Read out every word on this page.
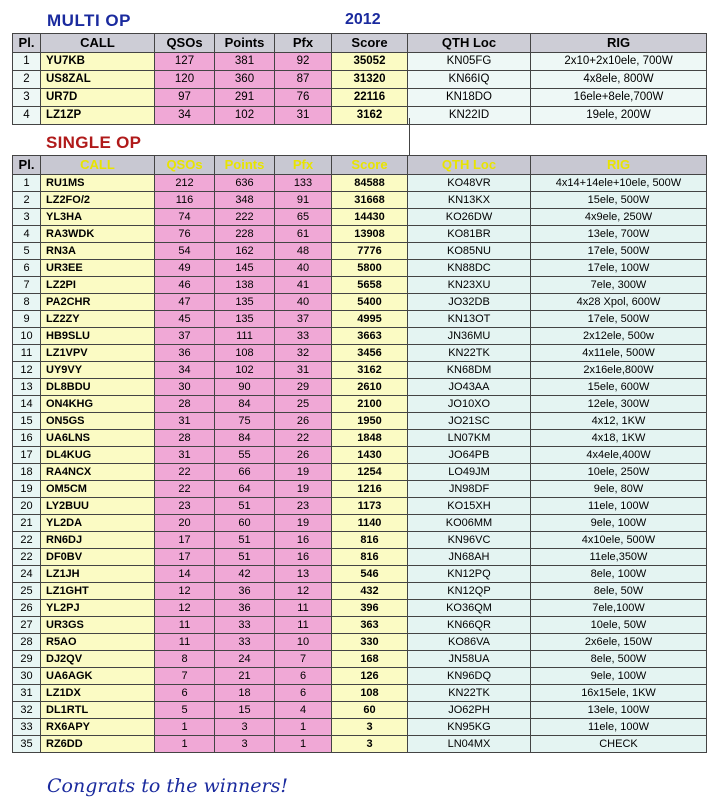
MULTI OP	2012
Pl.	CALL	QSOs	Points	Pfx	Score	QTH Loc	RIG
1	YU7KB	127	381	92	35052	KN05FG	2x10+2x10ele, 700W
2	US8ZAL	120	360	87	31320	KN66IQ	4x8ele, 800W
3	UR7D	97	291	76	22116	KN18DO	16ele+8ele,700W
4	LZ1ZP	34	102	31	3162	KN22ID	19ele, 200W
SINGLE OP
Pl.	CALL	QSOs	Points	Pfx	Score	QTH Loc	RIG
1	RU1MS	212	636	133	84588	KO48VR	4x14+14ele+10ele, 500W
2	LZ2FO/2	116	348	91	31668	KN13KX	15ele, 500W
3	YL3HA	74	222	65	14430	KO26DW	4x9ele, 250W
4	RA3WDK	76	228	61	13908	KO81BR	13ele, 700W
5	RN3A	54	162	48	7776	KO85NU	17ele, 500W
6	UR3EE	49	145	40	5800	KN88DC	17ele, 100W
7	LZ2PI	46	138	41	5658	KN23XU	7ele, 300W
8	PA2CHR	47	135	40	5400	JO32DB	4x28 Xpol, 600W
9	LZ2ZY	45	135	37	4995	KN13OT	17ele, 500W
10	HB9SLU	37	111	33	3663	JN36MU	2x12ele, 500w
11	LZ1VPV	36	108	32	3456	KN22TK	4x11ele, 500W
12	UY9VY	34	102	31	3162	KN68DM	2x16ele,800W
13	DL8BDU	30	90	29	2610	JO43AA	15ele, 600W
14	ON4KHG	28	84	25	2100	JO10XO	12ele, 300W
15	ON5GS	31	75	26	1950	JO21SC	4x12, 1KW
16	UA6LNS	28	84	22	1848	LN07KM	4x18, 1KW
17	DL4KUG	31	55	26	1430	JO64PB	4x4ele,400W
18	RA4NCX	22	66	19	1254	LO49JM	10ele, 250W
19	OM5CM	22	64	19	1216	JN98DF	9ele, 80W
20	LY2BUU	23	51	23	1173	KO15XH	11ele, 100W
21	YL2DA	20	60	19	1140	KO06MM	9ele, 100W
22	RN6DJ	17	51	16	816	KN96VC	4x10ele, 500W
22	DF0BV	17	51	16	816	JN68AH	11ele,350W
24	LZ1JH	14	42	13	546	KN12PQ	8ele, 100W
25	LZ1GHT	12	36	12	432	KN12QP	8ele, 50W
26	YL2PJ	12	36	11	396	KO36QM	7ele,100W
27	UR3GS	11	33	11	363	KN66QR	10ele, 50W
28	R5AO	11	33	10	330	KO86VA	2x6ele, 150W
29	DJ2QV	8	24	7	168	JN58UA	8ele, 500W
30	UA6AGK	7	21	6	126	KN96DQ	9ele, 100W
31	LZ1DX	6	18	6	108	KN22TK	16x15ele, 1KW
32	DL1RTL	5	15	4	60	JO62PH	13ele, 100W
33	RX6APY	1	3	1	3	KN95KG	11ele, 100W
35	RZ6DD	1	3	1	3	LN04MX	CHECK
Congrats to the winners!
